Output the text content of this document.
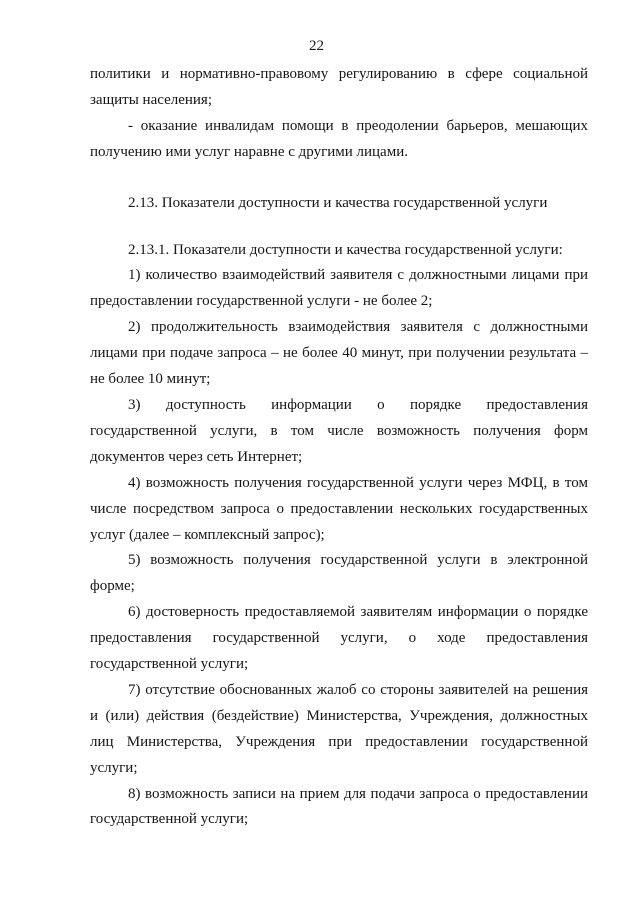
22

политики и нормативно-правовому регулированию в сфере социальной защиты населения;

- оказание инвалидам помощи в преодолении барьеров, мешающих получению ими услуг наравне с другими лицами.

2.13. Показатели доступности и качества государственной услуги

2.13.1. Показатели доступности и качества государственной услуги:

1) количество взаимодействий заявителя с должностными лицами при предоставлении государственной услуги - не более 2;

2) продолжительность взаимодействия заявителя с должностными лицами при подаче запроса – не более 40 минут, при получении результата – не более 10 минут;

3) доступность информации о порядке предоставления государственной услуги, в том числе возможность получения форм документов через сеть Интернет;

4) возможность получения государственной услуги через МФЦ, в том числе посредством запроса о предоставлении нескольких государственных услуг (далее – комплексный запрос);

5) возможность получения государственной услуги в электронной форме;

6) достоверность предоставляемой заявителям информации о порядке предоставления государственной услуги, о ходе предоставления государственной услуги;

7) отсутствие обоснованных жалоб со стороны заявителей на решения и (или) действия (бездействие) Министерства, Учреждения, должностных лиц Министерства, Учреждения при предоставлении государственной услуги;

8) возможность записи на прием для подачи запроса о предоставлении государственной услуги;
